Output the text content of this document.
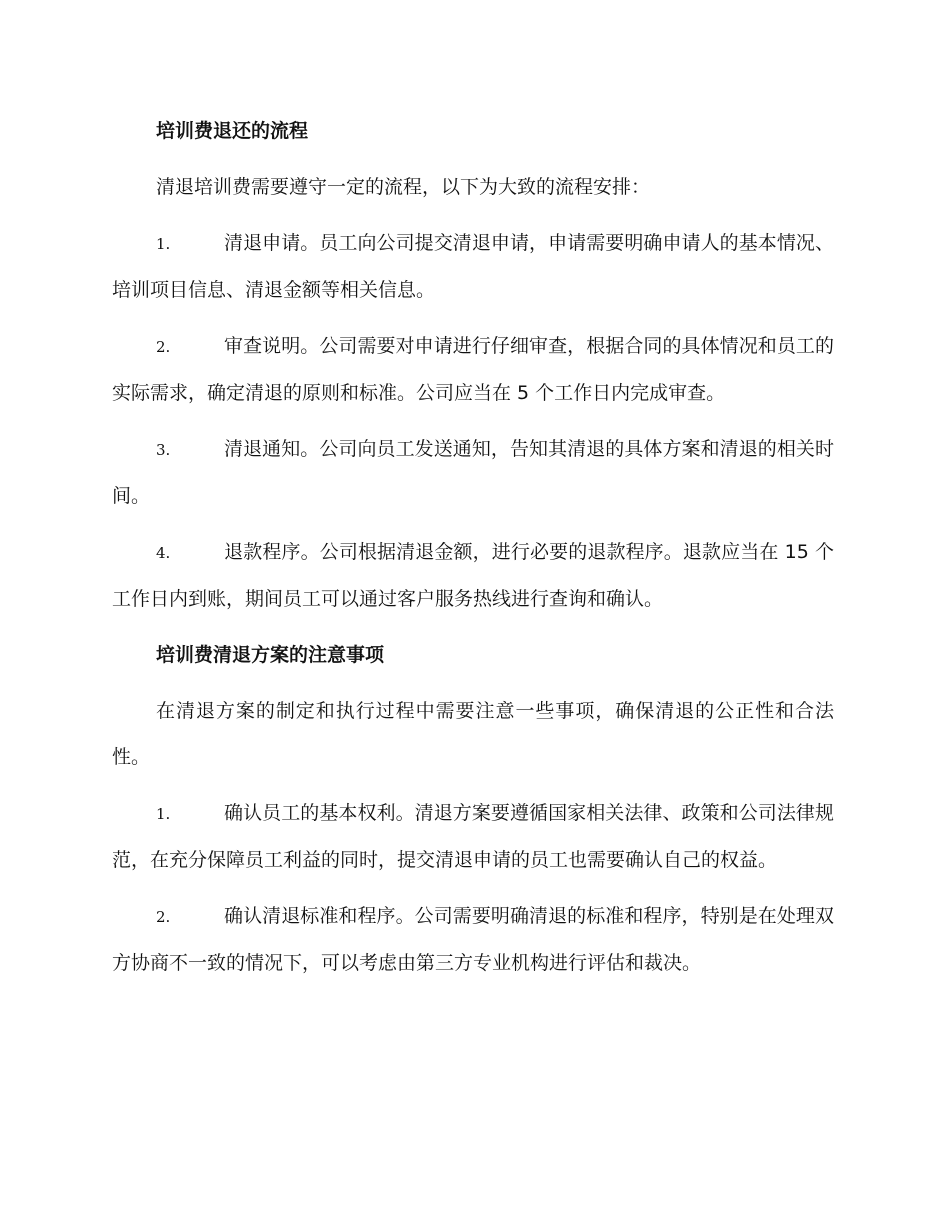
培训费退还的流程
清退培训费需要遵守一定的流程，以下为大致的流程安排：
1.	清退申请。员工向公司提交清退申请，申请需要明确申请人的基本情况、培训项目信息、清退金额等相关信息。
2.	审查说明。公司需要对申请进行仔细审查，根据合同的具体情况和员工的实际需求，确定清退的原则和标准。公司应当在 5 个工作日内完成审查。
3.	清退通知。公司向员工发送通知，告知其清退的具体方案和清退的相关时间。
4.	退款程序。公司根据清退金额，进行必要的退款程序。退款应当在 15 个工作日内到账，期间员工可以通过客户服务热线进行查询和确认。
培训费清退方案的注意事项
在清退方案的制定和执行过程中需要注意一些事项，确保清退的公正性和合法性。
1.	确认员工的基本权利。清退方案要遵循国家相关法律、政策和公司法律规范，在充分保障员工利益的同时，提交清退申请的员工也需要确认自己的权益。
2.	确认清退标准和程序。公司需要明确清退的标准和程序，特别是在处理双方协商不一致的情况下，可以考虑由第三方专业机构进行评估和裁决。
